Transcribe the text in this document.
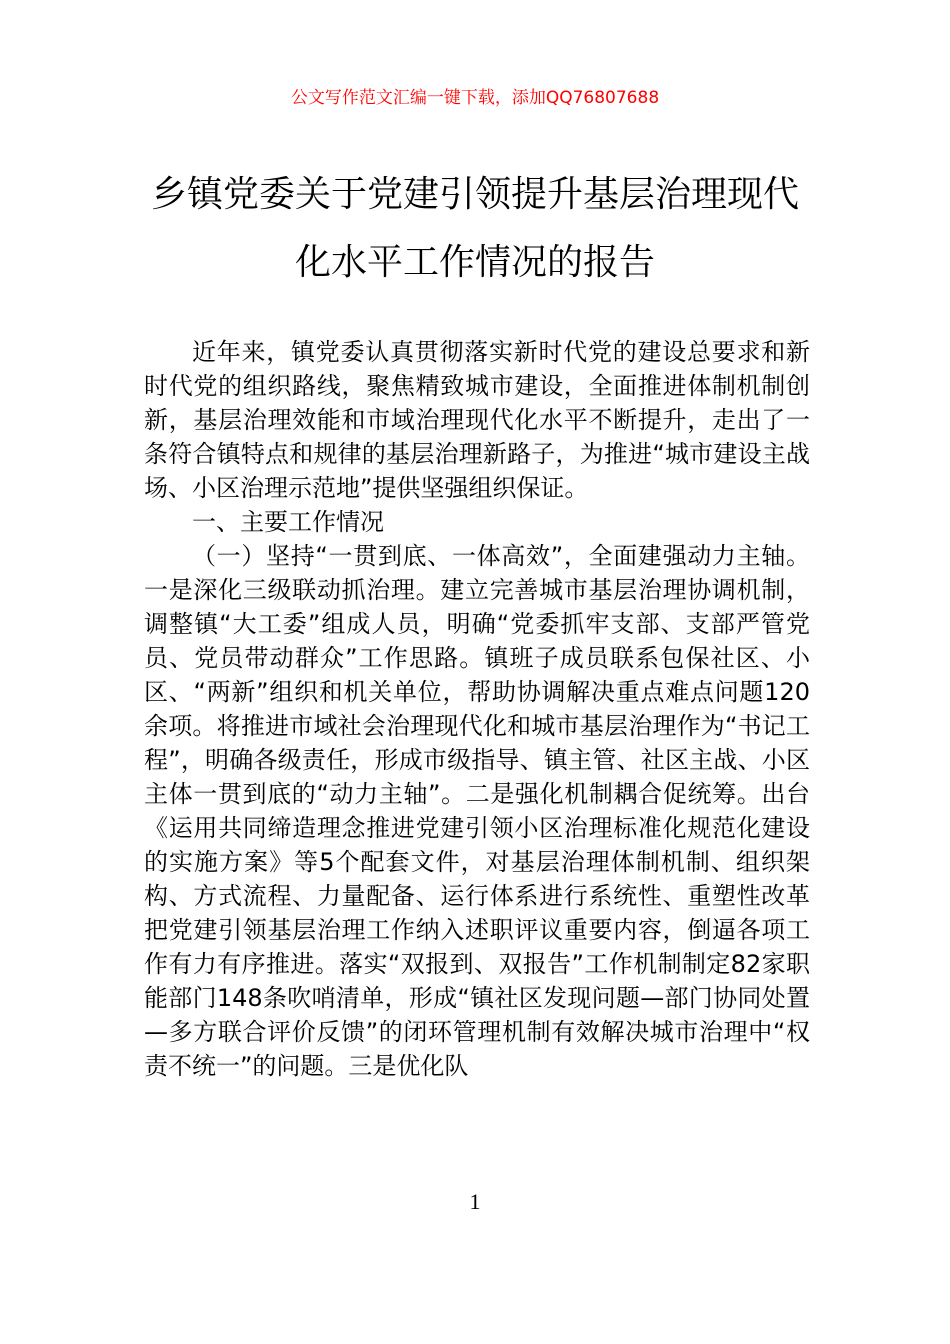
公文写作范文汇编一键下载，添加QQ76807688

乡镇党委关于党建引领提升基层治理现代
化水平工作情况的报告

近年来，镇党委认真贯彻落实新时代党的建设总要求和新时代党的组织路线，聚焦精致城市建设，全面推进体制机制创新，基层治理效能和市域治理现代化水平不断提升，走出了一条符合镇特点和规律的基层治理新路子，为推进“城市建设主战场、小区治理示范地”提供坚强组织保证。

一、主要工作情况

（一）坚持“一贯到底、一体高效”，全面建强动力主轴。一是深化三级联动抓治理。建立完善城市基层治理协调机制，调整镇“大工委”组成人员，明确“党委抓牢支部、支部严管党员、党员带动群众”工作思路。镇班子成员联系包保社区、小区、“两新”组织和机关单位，帮助协调解决重点难点问题120余项。将推进市域社会治理现代化和城市基层治理作为“书记工程”，明确各级责任，形成市级指导、镇主管、社区主战、小区主体一贯到底的“动力主轴”。二是强化机制耦合促统筹。出台《运用共同缔造理念推进党建引领小区治理标准化规范化建设的实施方案》等5个配套文件，对基层治理体制机制、组织架构、方式流程、力量配备、运行体系进行系统性、重塑性改革把党建引领基层治理工作纳入述职评议重要内容，倒逼各项工作有力有序推进。落实“双报到、双报告”工作机制制定82家职能部门148条吹哨清单，形成“镇社区发现问题—部门协同处置—多方联合评价反馈”的闭环管理机制有效解决城市治理中“权责不统一”的问题。三是优化队

1
